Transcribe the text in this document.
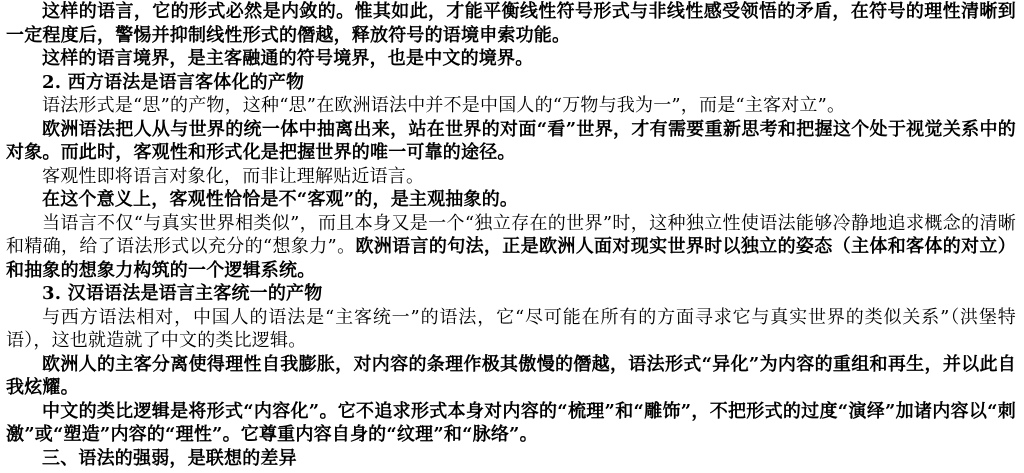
这样的语言，它的形式必然是内敛的。惟其如此，才能平衡线性符号形式与非线性感受领悟的矛盾，在符号的理性清晰到一定程度后，警惕并抑制线性形式的僭越，释放符号的语境申索功能。

这样的语言境界，是主客融通的符号境界，也是中文的境界。

2. 西方语法是语言客体化的产物

语法形式是“思”的产物，这种“思”在欧洲语法中并不是中国人的“万物与我为一”，而是“主客对立”。

欧洲语法把人从与世界的统一体中抽离出来，站在世界的对面“看”世界，才有需要重新思考和把握这个处于视觉关系中的对象。而此时，客观性和形式化是把握世界的唯一可靠的途径。

客观性即将语言对象化，而非让理解贴近语言。

在这个意义上，客观性恰恰是不“客观”的，是主观抽象的。

当语言不仅“与真实世界相类似”，而且本身又是一个“独立存在的世界”时，这种独立性使语法能够冷静地追求概念的清晰和精确，给了语法形式以充分的“想象力”。欧洲语言的句法，正是欧洲人面对现实世界时以独立的姿态（主体和客体的对立）和抽象的想象力构筑的一个逻辑系统。

3. 汉语语法是语言主客统一的产物

与西方语法相对，中国人的语法是“主客统一”的语法，它“尽可能在所有的方面寻求它与真实世界的类似关系”（洪堡特语），这也就造就了中文的类比逻辑。

欧洲人的主客分离使得理性自我膨胀，对内容的条理作极其傲慢的僭越，语法形式“异化”为内容的重组和再生，并以此自我炫耀。

中文的类比逻辑是将形式“内容化”。它不追求形式本身对内容的“梳理”和“雕饰”，不把形式的过度“演绎”加诸内容以“刺激”或“塑造”内容的“理性”。它尊重内容自身的“纹理”和“脉络”。

三、语法的强弱，是联想的差异
